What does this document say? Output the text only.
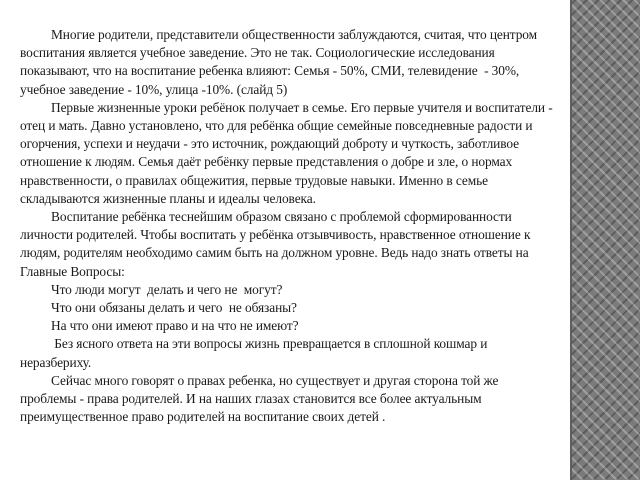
Многие родители, представители общественности заблуждаются, считая, что центром воспитания является учебное заведение. Это не так. Социологические исследования показывают, что на воспитание ребенка влияют: Семья - 50%, СМИ, телевидение  - 30%, учебное заведение - 10%, улица -10%. (слайд 5)

Первые жизненные уроки ребёнок получает в семье. Его первые учителя и воспитатели - отец и мать. Давно установлено, что для ребёнка общие семейные повседневные радости и огорчения, успехи и неудачи - это источник, рождающий доброту и чуткость, заботливое отношение к людям. Семья даёт ребёнку первые представления о добре и зле, о нормах нравственности, о правилах общежития, первые трудовые навыки. Именно в семье складываются жизненные планы и идеалы человека.

Воспитание ребёнка теснейшим образом связано с проблемой сформированности личности родителей. Чтобы воспитать у ребёнка отзывчивость, нравственное отношение к людям, родителям необходимо самим быть на должном уровне. Ведь надо знать ответы на Главные Вопросы:

Что люди могут  делать и чего не  могут?

Что они обязаны делать и чего  не обязаны?

На что они имеют право и на что не имеют?

Без ясного ответа на эти вопросы жизнь превращается в сплошной кошмар и неразбериху.

Сейчас много говорят о правах ребенка, но существует и другая сторона той же проблемы - права родителей. И на наших глазах становится все более актуальным преимущественное право родителей на воспитание своих детей .
